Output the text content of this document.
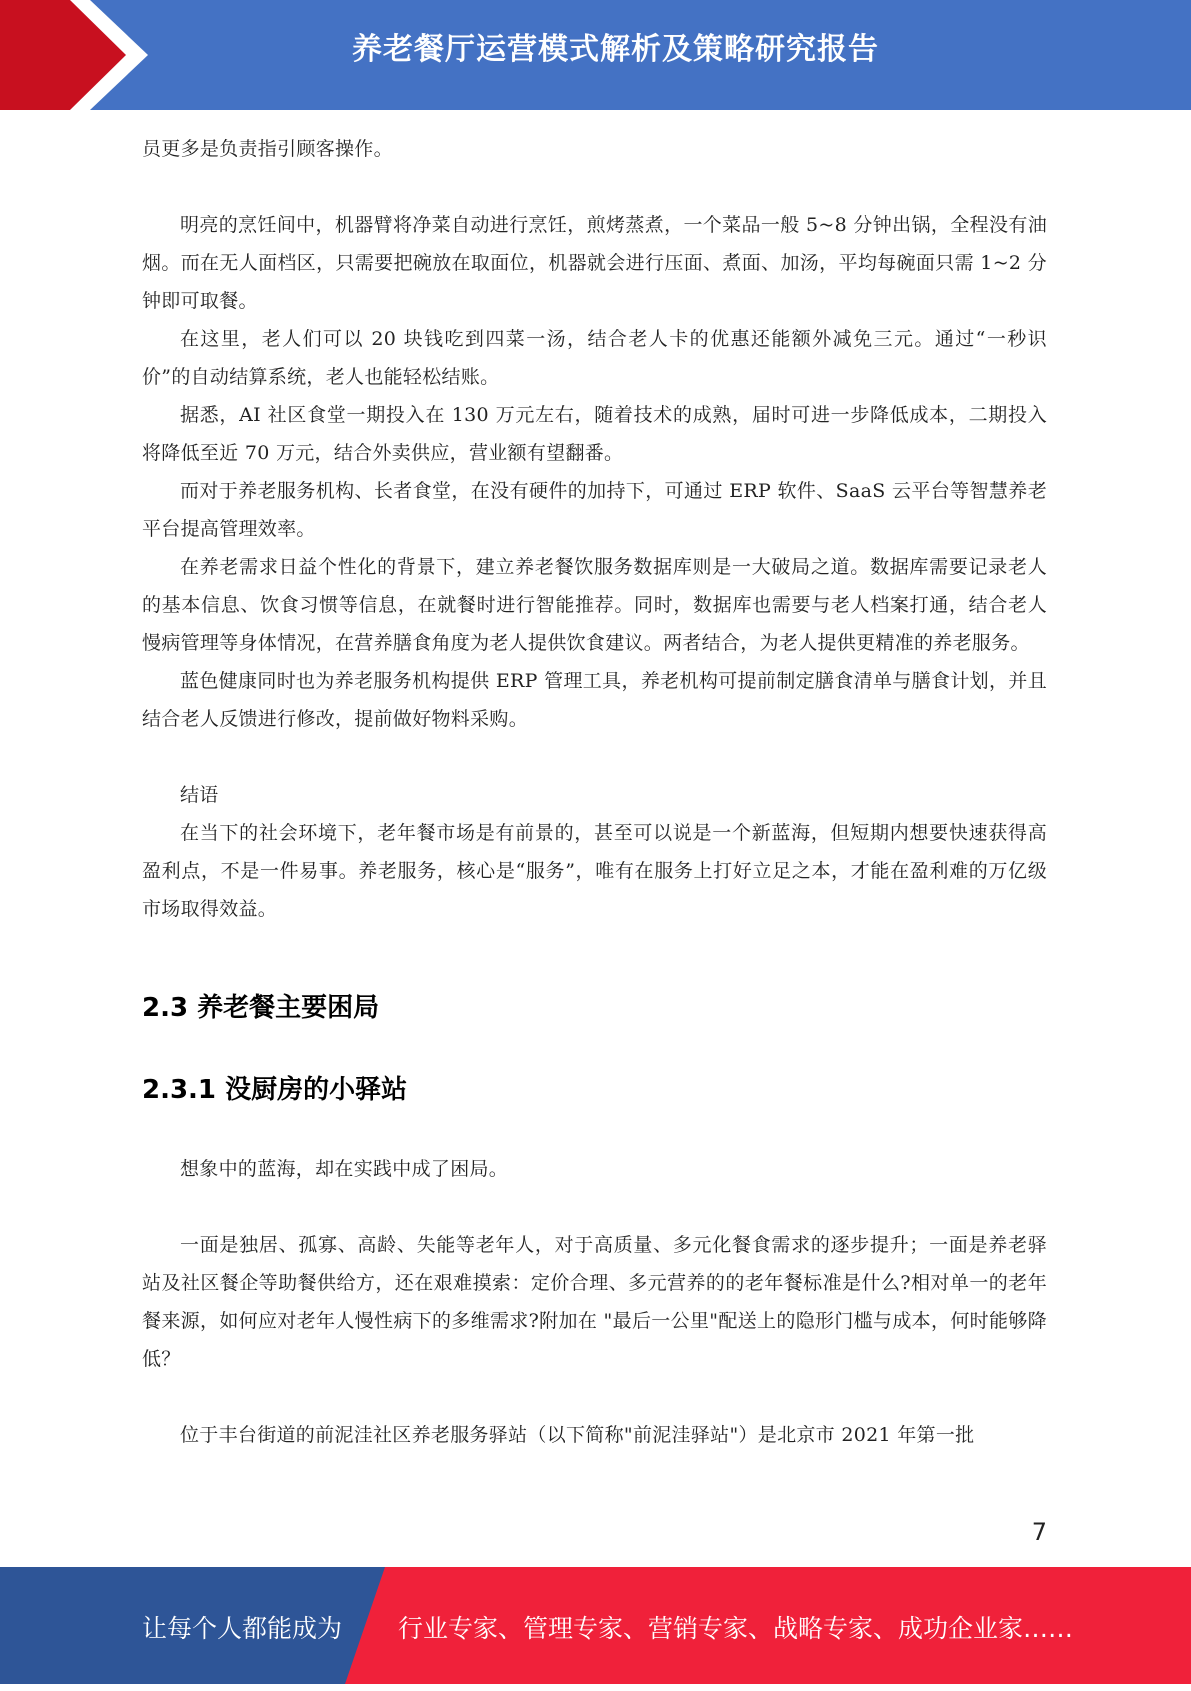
养老餐厅运营模式解析及策略研究报告

员更多是负责指引顾客操作。

明亮的烹饪间中，机器臂将净菜自动进行烹饪，煎烤蒸煮，一个菜品一般 5~8 分钟出锅，全程没有油烟。而在无人面档区，只需要把碗放在取面位，机器就会进行压面、煮面、加汤，平均每碗面只需 1~2 分钟即可取餐。

在这里，老人们可以 20 块钱吃到四菜一汤，结合老人卡的优惠还能额外减免三元。通过“一秒识价”的自动结算系统，老人也能轻松结账。

据悉，AI 社区食堂一期投入在 130 万元左右，随着技术的成熟，届时可进一步降低成本，二期投入将降低至近 70 万元，结合外卖供应，营业额有望翻番。

而对于养老服务机构、长者食堂，在没有硬件的加持下，可通过 ERP 软件、SaaS 云平台等智慧养老平台提高管理效率。

在养老需求日益个性化的背景下，建立养老餐饮服务数据库则是一大破局之道。数据库需要记录老人的基本信息、饮食习惯等信息，在就餐时进行智能推荐。同时，数据库也需要与老人档案打通，结合老人慢病管理等身体情况，在营养膳食角度为老人提供饮食建议。两者结合，为老人提供更精准的养老服务。

蓝色健康同时也为养老服务机构提供 ERP 管理工具，养老机构可提前制定膳食清单与膳食计划，并且结合老人反馈进行修改，提前做好物料采购。

结语

在当下的社会环境下，老年餐市场是有前景的，甚至可以说是一个新蓝海，但短期内想要快速获得高盈利点，不是一件易事。养老服务，核心是“服务”，唯有在服务上打好立足之本，才能在盈利难的万亿级市场取得效益。

2.3 养老餐主要困局
2.3.1 没厨房的小驿站

想象中的蓝海，却在实践中成了困局。

一面是独居、孤寡、高龄、失能等老年人，对于高质量、多元化餐食需求的逐步提升；一面是养老驿站及社区餐企等助餐供给方，还在艰难摸索：定价合理、多元营养的的老年餐标准是什么?相对单一的老年餐来源，如何应对老年人慢性病下的多维需求?附加在 "最后一公里"配送上的隐形门槛与成本，何时能够降低？

位于丰台街道的前泥洼社区养老服务驿站（以下简称"前泥洼驿站"）是北京市 2021 年第一批

7
让每个人都能成为 行业专家、管理专家、营销专家、战略专家、成功企业家……
